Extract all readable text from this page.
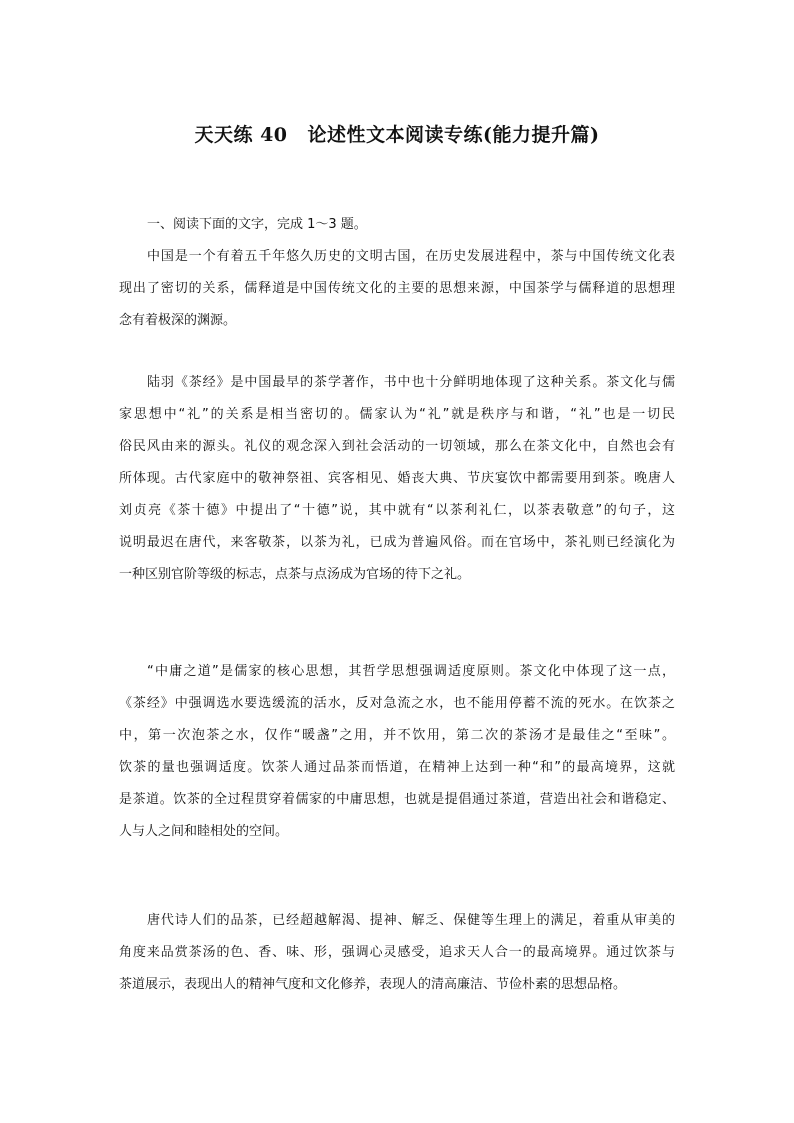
天天练 40 论述性文本阅读专练(能力提升篇)
一、阅读下面的文字，完成 1～3 题。
中国是一个有着五千年悠久历史的文明古国，在历史发展进程中，茶与中国传统文化表
现出了密切的关系，儒释道是中国传统文化的主要的思想来源，中国茶学与儒释道的思想理
念有着极深的渊源。
陆羽《茶经》是中国最早的茶学著作，书中也十分鲜明地体现了这种关系。茶文化与儒
家思想中“礼”的关系是相当密切的。儒家认为“礼”就是秩序与和谐，“礼”也是一切民
俗民风由来的源头。礼仪的观念深入到社会活动的一切领域，那么在茶文化中，自然也会有
所体现。古代家庭中的敬神祭祖、宾客相见、婚丧大典、节庆宴饮中都需要用到茶。晚唐人
刘贞亮《茶十德》中提出了“十德”说，其中就有“以茶利礼仁，以茶表敬意”的句子，这
说明最迟在唐代，来客敬茶，以茶为礼，已成为普遍风俗。而在官场中，茶礼则已经演化为
一种区别官阶等级的标志，点茶与点汤成为官场的待下之礼。
“中庸之道”是儒家的核心思想，其哲学思想强调适度原则。茶文化中体现了这一点，
《茶经》中强调选水要选缓流的活水，反对急流之水，也不能用停蓄不流的死水。在饮茶之
中，第一次泡茶之水，仅作“暖盏”之用，并不饮用，第二次的茶汤才是最佳之“至味”。
饮茶的量也强调适度。饮茶人通过品茶而悟道，在精神上达到一种“和”的最高境界，这就
是茶道。饮茶的全过程贯穿着儒家的中庸思想，也就是提倡通过茶道，营造出社会和谐稳定、
人与人之间和睦相处的空间。
唐代诗人们的品茶，已经超越解渴、提神、解乏、保健等生理上的满足，着重从审美的
角度来品赏茶汤的色、香、味、形，强调心灵感受，追求天人合一的最高境界。通过饮茶与
茶道展示，表现出人的精神气度和文化修养，表现人的清高廉洁、节俭朴素的思想品格。
